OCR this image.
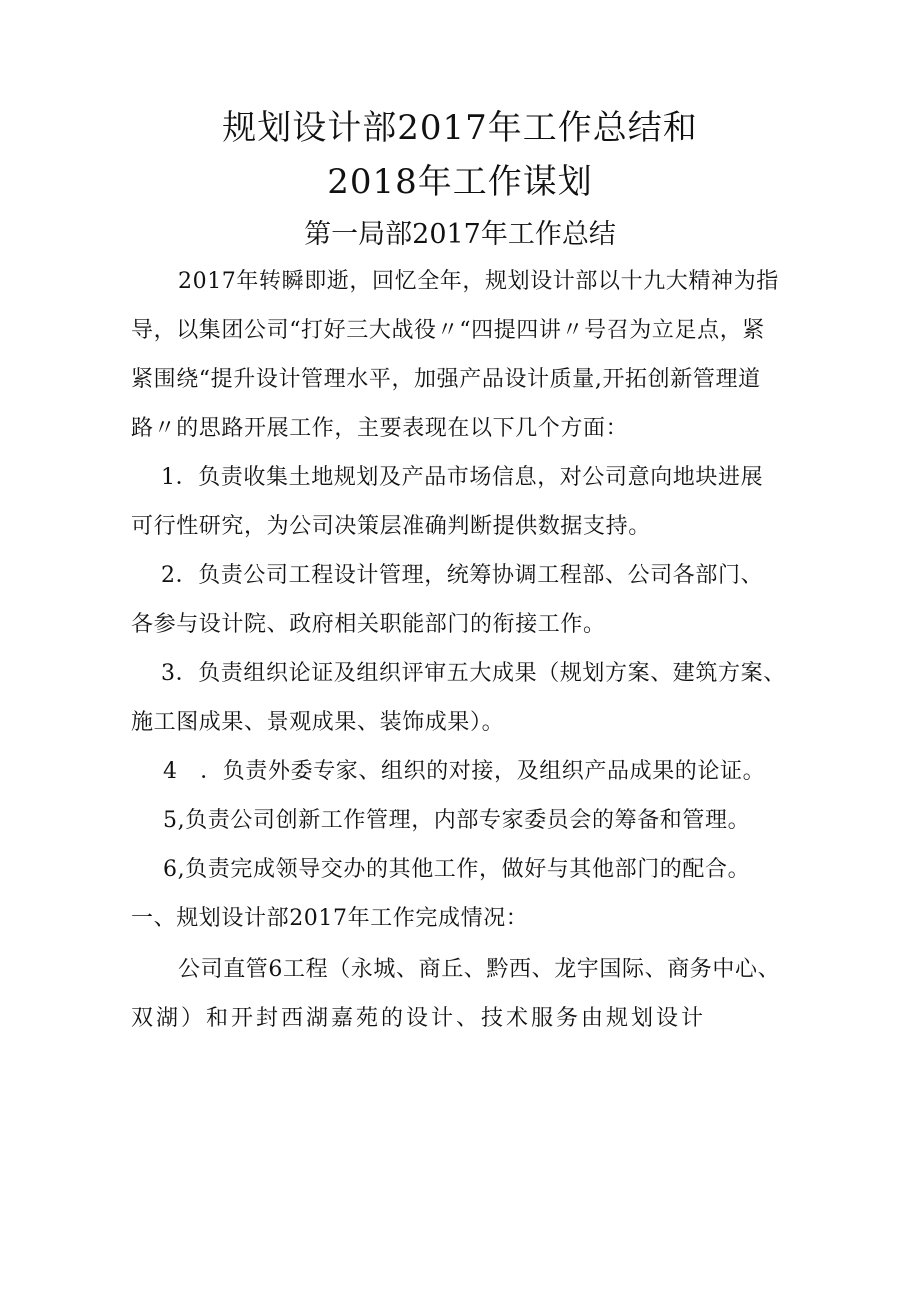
规划设计部2017年工作总结和
2018年工作谋划
第一局部2017年工作总结
2017年转瞬即逝，回忆全年，规划设计部以十九大精神为指
导，以集团公司“打好三大战役〃“四提四讲〃号召为立足点，紧
紧围绕“提升设计管理水平，加强产品设计质量,开拓创新管理道
路〃的思路开展工作，主要表现在以下几个方面：
1．负责收集土地规划及产品市场信息，对公司意向地块进展
可行性研究，为公司决策层准确判断提供数据支持。
2．负责公司工程设计管理，统筹协调工程部、公司各部门、
各参与设计院、政府相关职能部门的衔接工作。
3．负责组织论证及组织评审五大成果（规划方案、建筑方案、
施工图成果、景观成果、装饰成果）。
4　．负责外委专家、组织的对接，及组织产品成果的论证。
5,负责公司创新工作管理，内部专家委员会的筹备和管理。
6,负责完成领导交办的其他工作，做好与其他部门的配合。
一、规划设计部2017年工作完成情况：
公司直管6工程（永城、商丘、黔西、龙宇国际、商务中心、
双湖）和开封西湖嘉苑的设计、技术服务由规划设计
